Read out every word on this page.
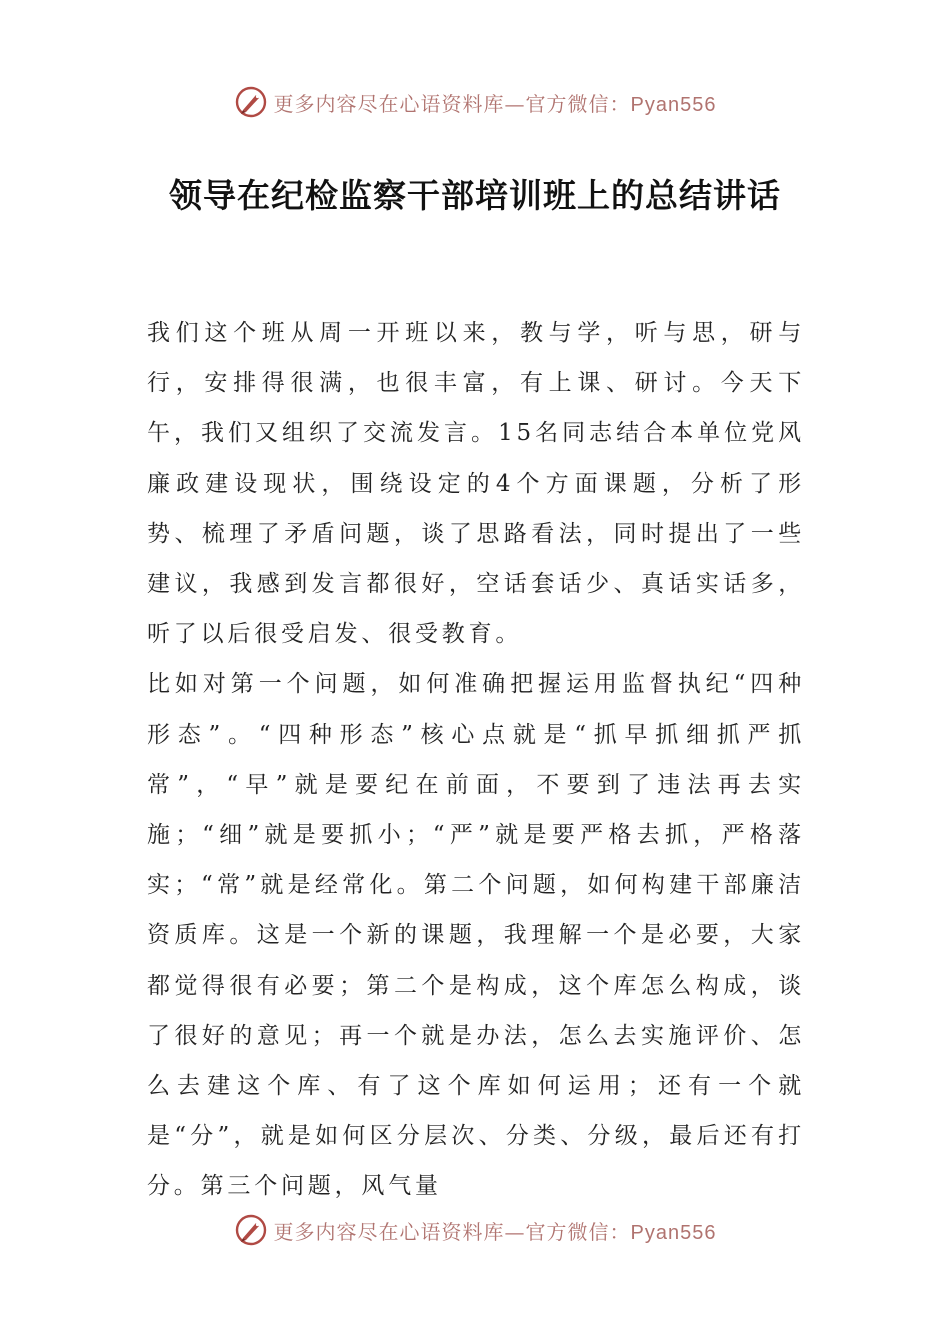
更多内容尽在心语资料库—官方微信：Pyan556
领导在纪检监察干部培训班上的总结讲话

我们这个班从周一开班以来，教与学，听与思，研与行，安排得很满，也很丰富，有上课、研讨。今天下午，我们又组织了交流发言。15名同志结合本单位党风廉政建设现状，围绕设定的4个方面课题，分析了形势、梳理了矛盾问题，谈了思路看法，同时提出了一些建议，我感到发言都很好，空话套话少、真话实话多，听了以后很受启发、很受教育。

比如对第一个问题，如何准确把握运用监督执纪“四种形态”。“四种形态”核心点就是“抓早抓细抓严抓常”，“早”就是要纪在前面，不要到了违法再去实施；“细”就是要抓小；“严”就是要严格去抓，严格落实；“常”就是经常化。第二个问题，如何构建干部廉洁资质库。这是一个新的课题，我理解一个是必要，大家都觉得很有必要；第二个是构成，这个库怎么构成，谈了很好的意见；再一个就是办法，怎么去实施评价、怎么去建这个库、有了这个库如何运用；还有一个就是“分”，就是如何区分层次、分类、分级，最后还有打分。第三个问题，风气量

更多内容尽在心语资料库—官方微信：Pyan556
